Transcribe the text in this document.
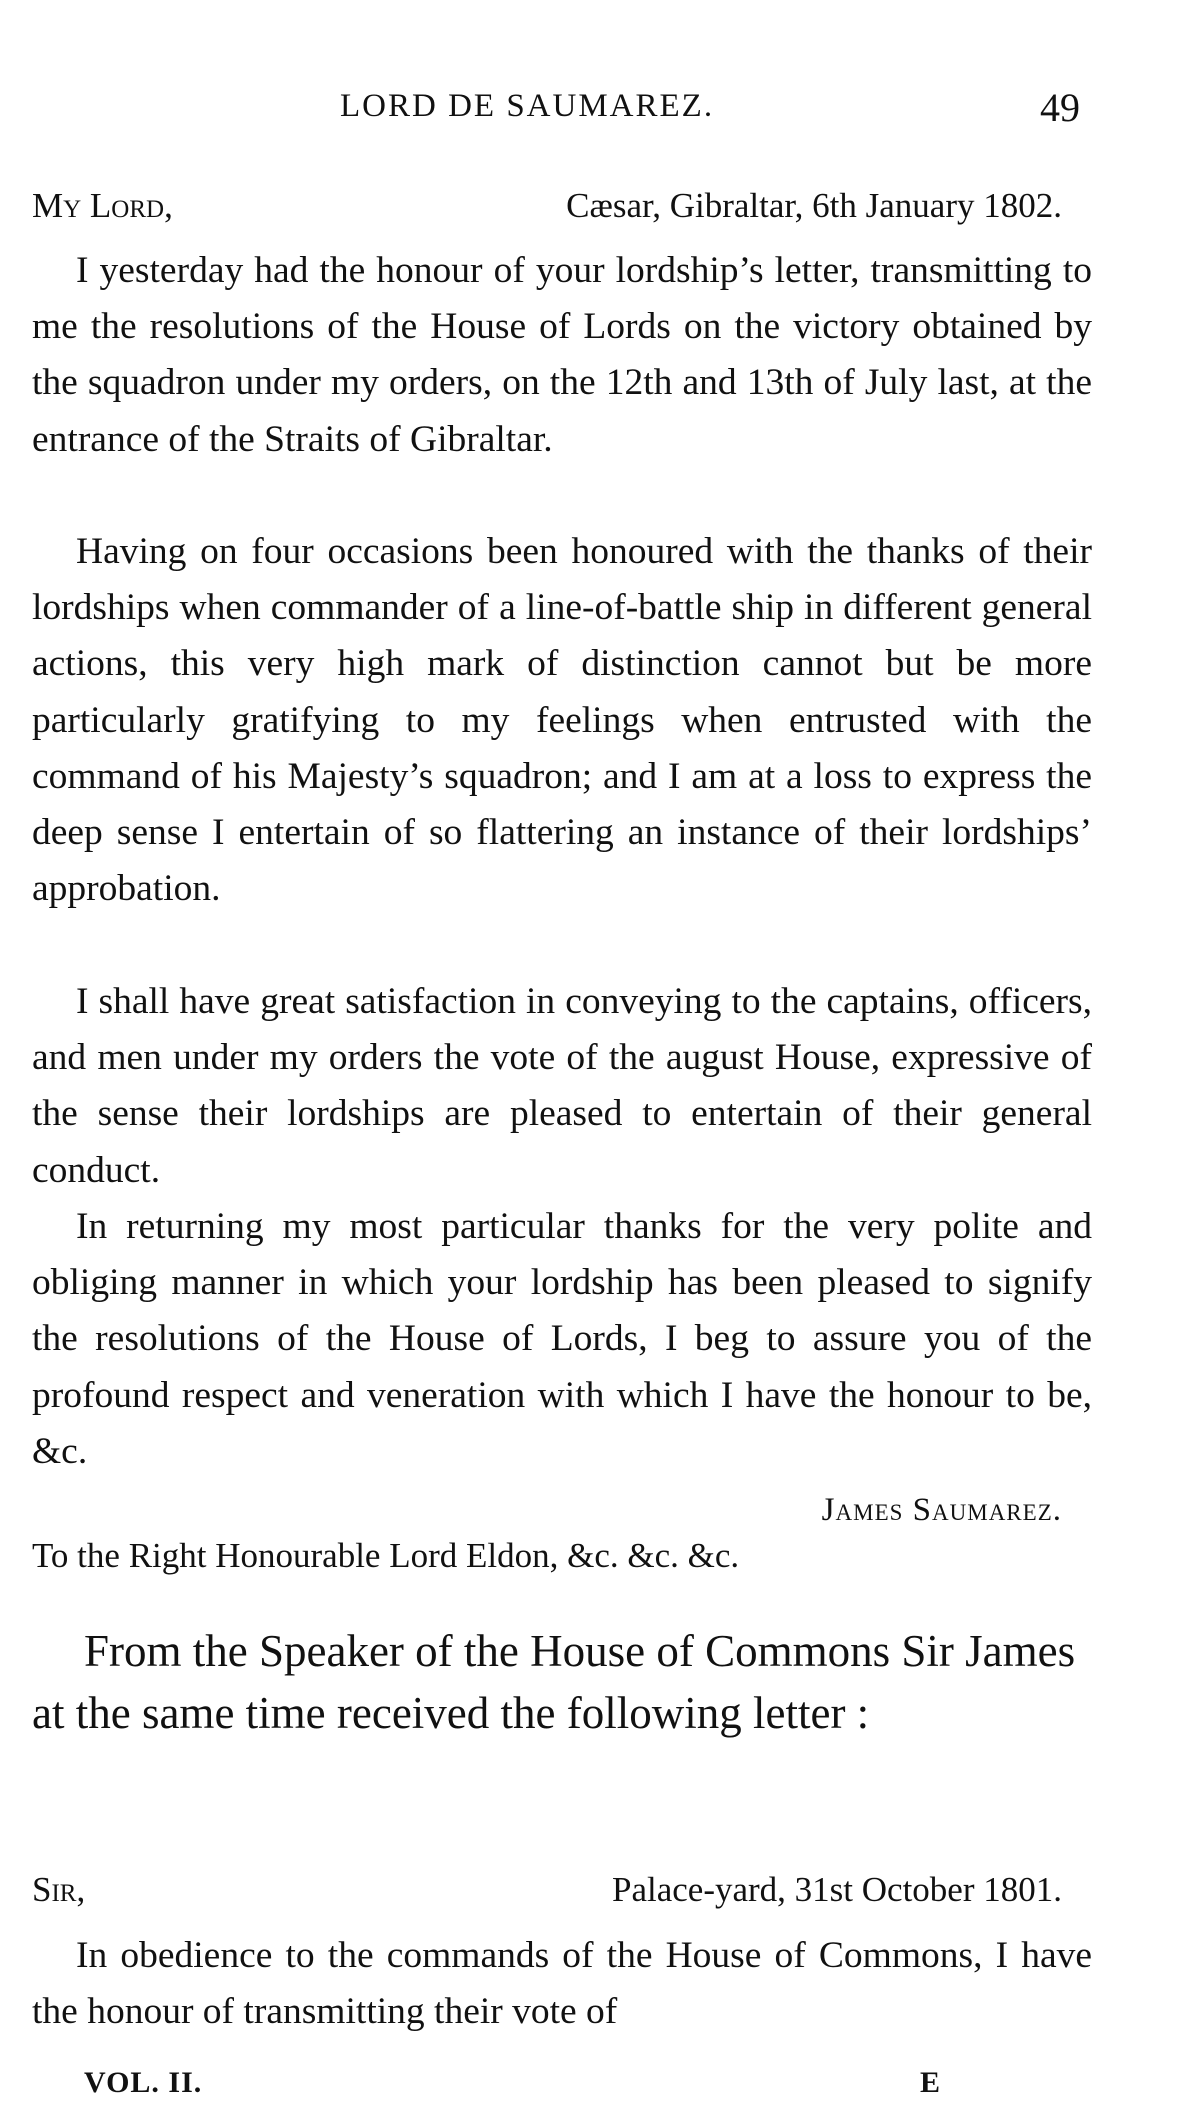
LORD DE SAUMAREZ.	49
My Lord,	Cæsar, Gibraltar, 6th January 1802.

I yesterday had the honour of your lordship’s letter, transmitting to me the resolutions of the House of Lords on the victory obtained by the squadron under my orders, on the 12th and 13th of July last, at the entrance of the Straits of Gibraltar.

Having on four occasions been honoured with the thanks of their lordships when commander of a line-of-battle ship in different general actions, this very high mark of distinction cannot but be more particularly gratifying to my feelings when entrusted with the command of his Majesty’s squadron; and I am at a loss to express the deep sense I entertain of so flattering an instance of their lordships’ approbation.

I shall have great satisfaction in conveying to the captains, officers, and men under my orders the vote of the august House, expressive of the sense their lordships are pleased to entertain of their general conduct.

In returning my most particular thanks for the very polite and obliging manner in which your lordship has been pleased to signify the resolutions of the House of Lords, I beg to assure you of the profound respect and veneration with which I have the honour to be, &c.

James Saumarez.
To the Right Honourable Lord Eldon, &c. &c. &c.

From the Speaker of the House of Commons Sir James at the same time received the following letter :

Sir,	Palace-yard, 31st October 1801.

In obedience to the commands of the House of Commons, I have the honour of transmitting their vote of

VOL. II.	E
